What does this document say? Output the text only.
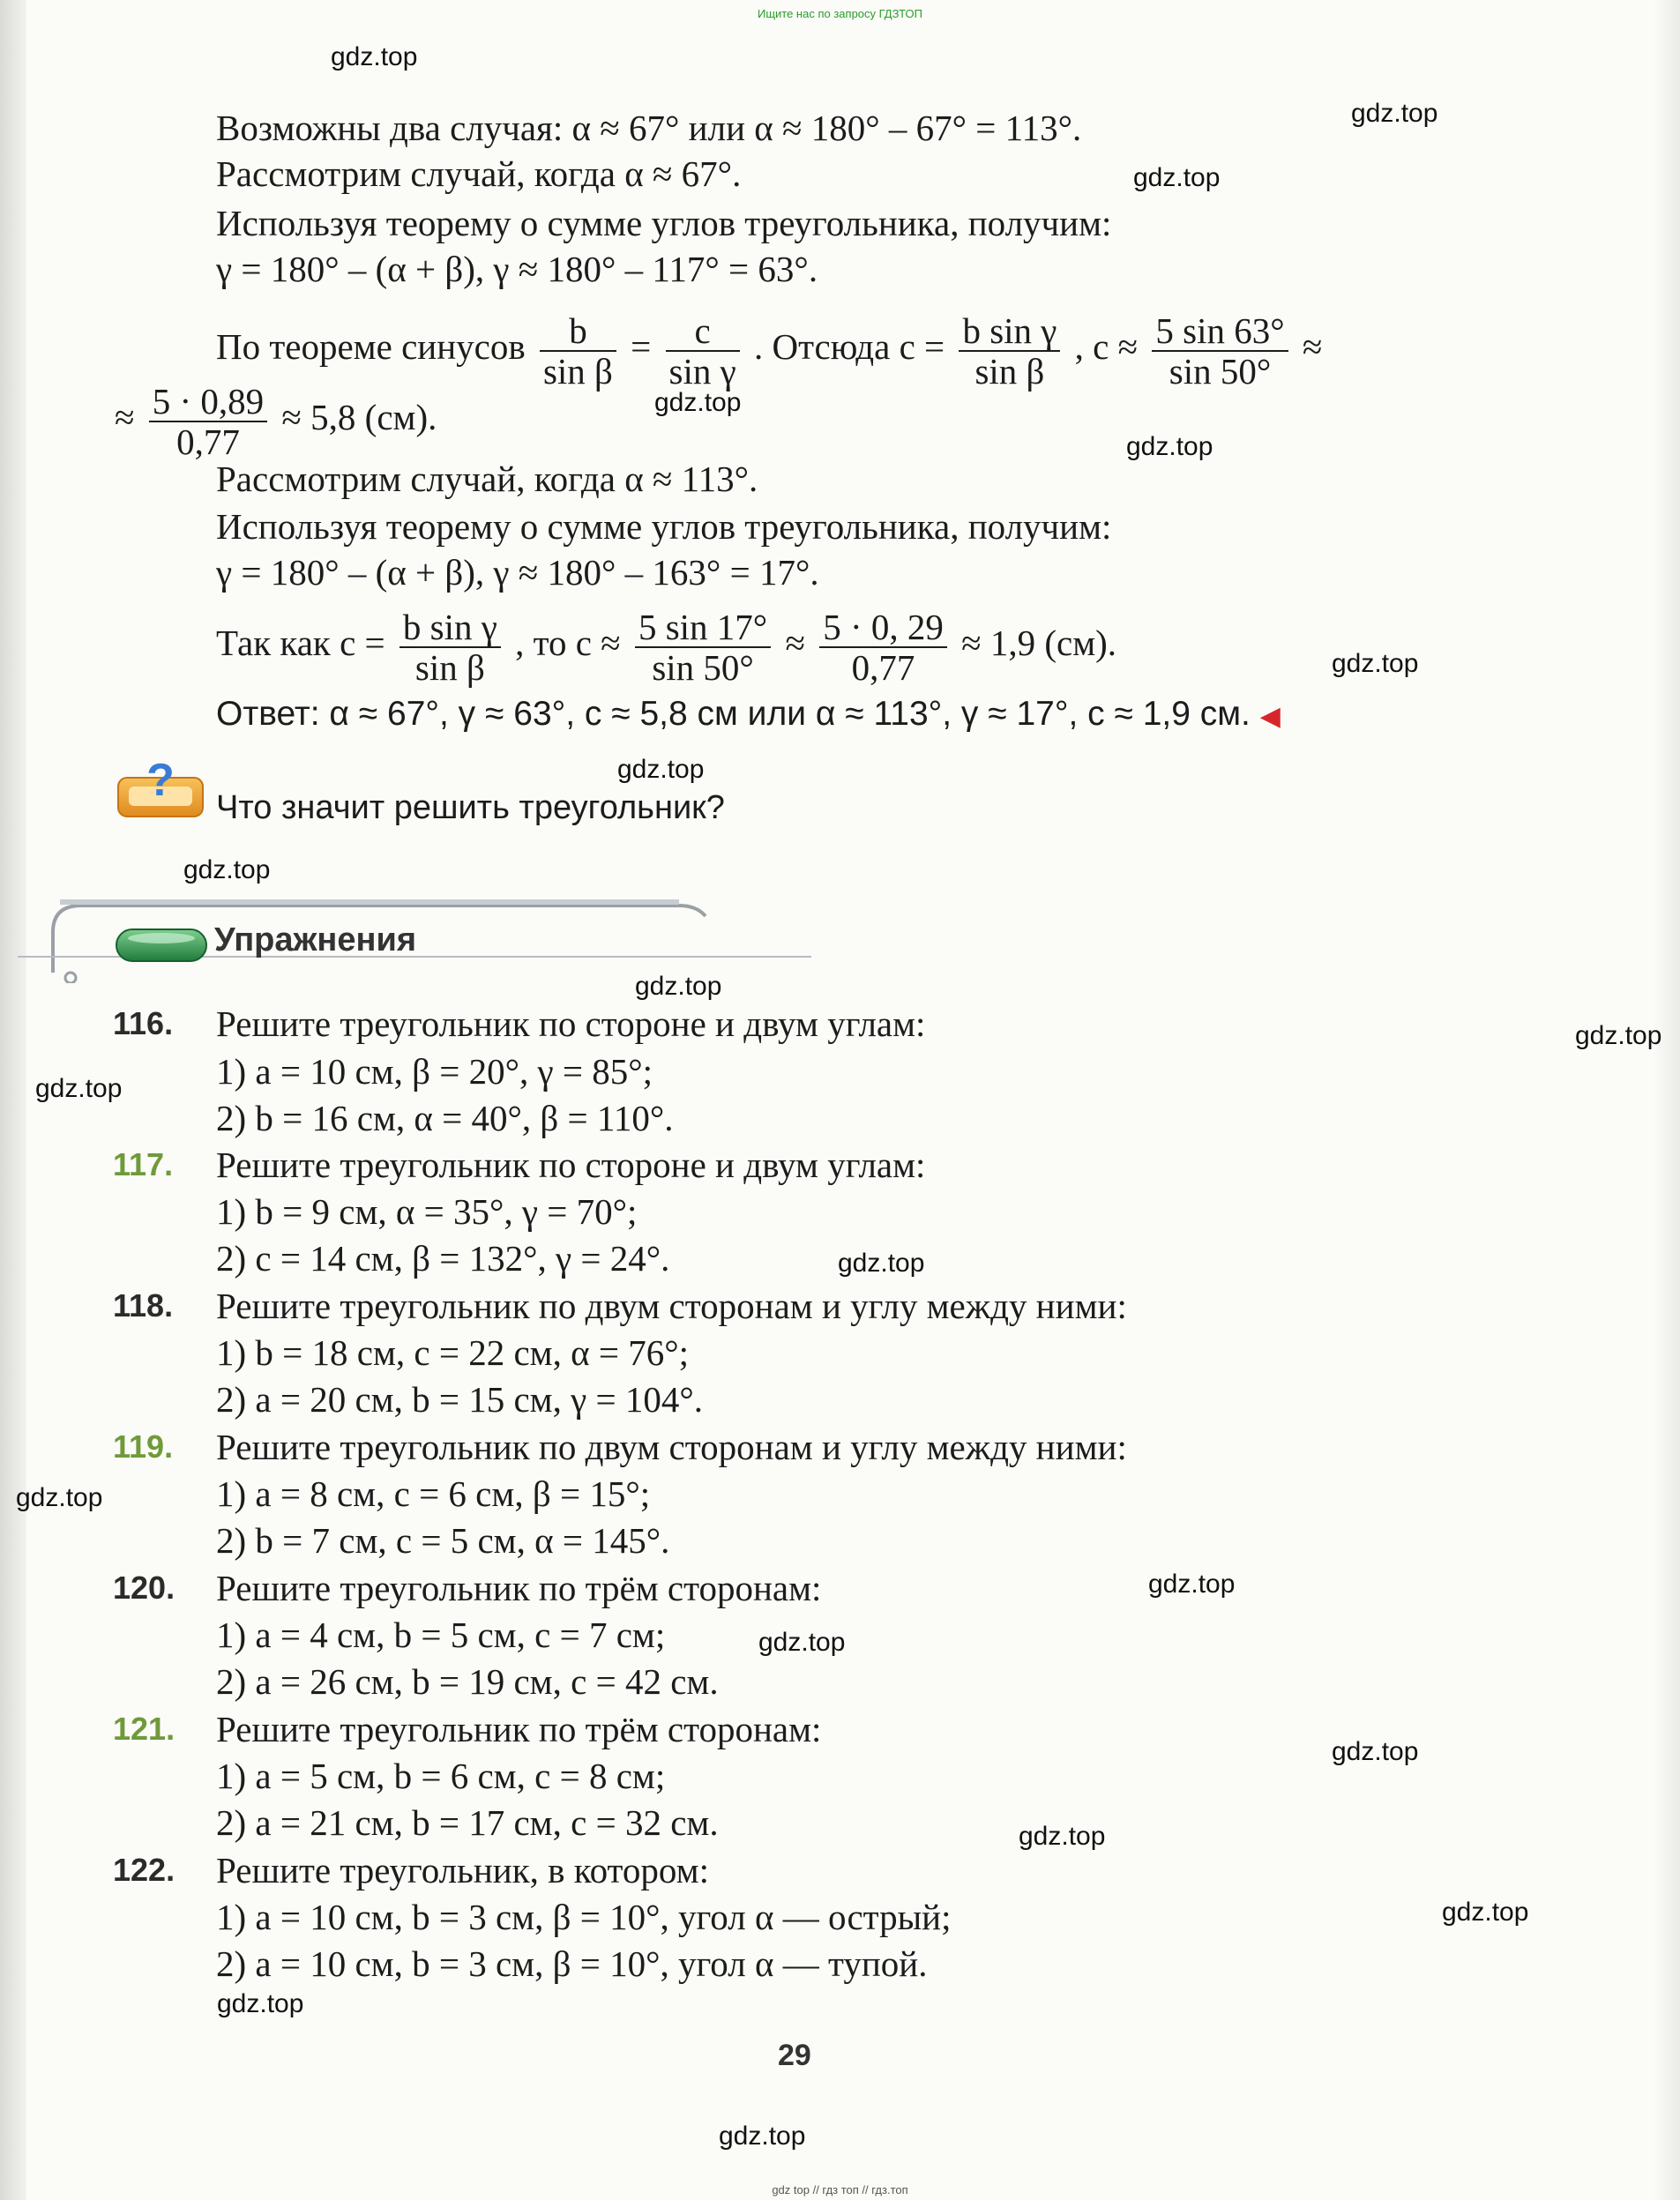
Ищите нас по запросу ГДЗТОП
Возможны два случая: α ≈ 67° или α ≈ 180° – 67° = 113°.
Рассмотрим случай, когда α ≈ 67°.
Используя теорему о сумме углов треугольника, получим:
γ = 180° – (α + β), γ ≈ 180° – 117° = 63°.
По теореме синусов $\frac{b}{\text{sin β}} = \frac{c}{\text{sin γ}}$ . Отсюда $c = \frac{\text{b sin γ}}{\text{sin β}}$ , $c \approx \frac{5 \sin 63^\circ}{\sin 50^\circ}$ ≈
≈ $\frac{5 \cdot 0,89}{0,77} \approx 5,8$ (см).
Рассмотрим случай, когда α ≈ 113°.
Используя теорему о сумме углов треугольника, получим:
γ = 180° – (α + β), γ ≈ 180° – 163° = 17°.
Так как $c = \frac{\text{b sin γ}}{\text{sin β}}$ , то $c \approx \frac{5 \sin 17^\circ}{\sin 50^\circ} \approx \frac{5 \cdot 0, 29}{0,77} \approx 1,9$ (см).
Ответ: α ≈ 67°, γ ≈ 63°, c ≈ 5,8 см или α ≈ 113°, γ ≈ 17°, c ≈ 1,9 см. ◀
?
Что значит решить треугольник?
Упражнения
116. Решите треугольник по стороне и двум углам:
1) a = 10 см, β = 20°, γ = 85°;
2) b = 16 см, α = 40°, β = 110°.
117. Решите треугольник по стороне и двум углам:
1) b = 9 см, α = 35°, γ = 70°;
2) c = 14 см, β = 132°, γ = 24°.
118. Решите треугольник по двум сторонам и углу между ними:
1) b = 18 см, c = 22 см, α = 76°;
2) a = 20 см, b = 15 см, γ = 104°.
119. Решите треугольник по двум сторонам и углу между ними:
1) a = 8 см, c = 6 см, β = 15°;
2) b = 7 см, c = 5 см, α = 145°.
120. Решите треугольник по трём сторонам:
1) a = 4 см, b = 5 см, c = 7 см;
2) a = 26 см, b = 19 см, c = 42 см.
121. Решите треугольник по трём сторонам:
1) a = 5 см, b = 6 см, c = 8 см;
2) a = 21 см, b = 17 см, c = 32 см.
122. Решите треугольник, в котором:
1) a = 10 см, b = 3 см, β = 10°, угол α — острый;
2) a = 10 см, b = 3 см, β = 10°, угол α — тупой.
29
gdz.top
gdz.top
gdz.top
gdz.top
gdz.top
gdz.top
gdz.top
gdz.top
gdz.top
gdz.top
gdz.top
gdz.top
gdz.top
gdz.top
gdz.top
gdz.top
gdz.top
gdz.top
gdz.top
gdz.top
gdz top // гдз топ // гдз.топ
